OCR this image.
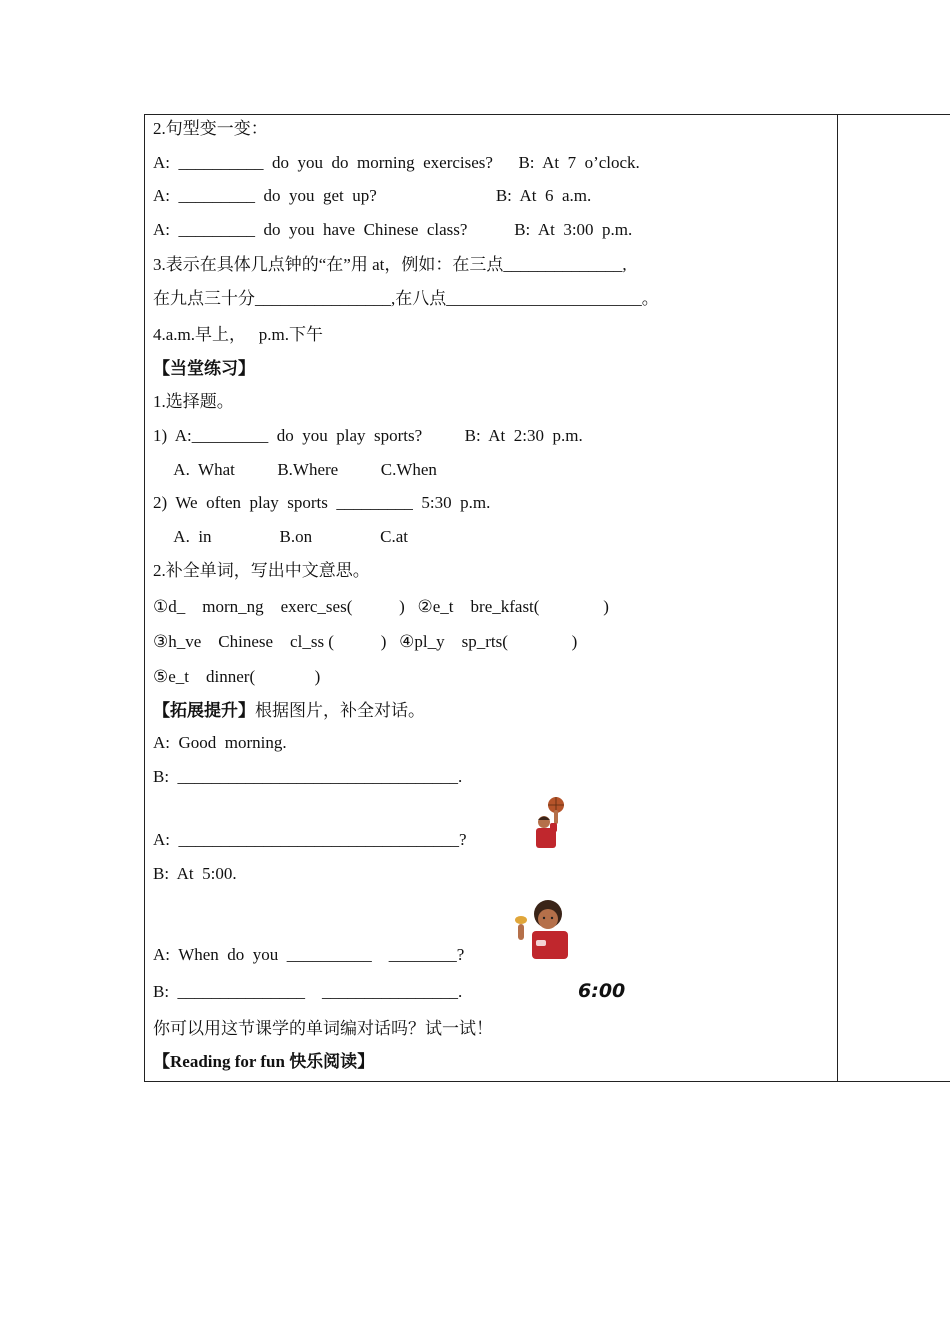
2.句型变一变：
A:  __________  do  you  do  morning  exercises?      B:  At  7  o’clock.
A:  _________  do  you  get  up?                            B:  At  6  a.m.
A:  _________  do  you  have  Chinese  class?           B:  At  3:00  p.m.
3.表示在具体几点钟的“在”用 at，例如：在三点______________,
在九点三十分________________,在八点_______________________。
4.a.m.早上，   p.m.下午
【当堂练习】
1.选择题。
1)  A:_________  do  you  play  sports?          B:  At  2:30  p.m.
A.  What          B.Where          C.When
2)  We  often  play  sports  _________  5:30  p.m.
A.  in                B.on                C.at
2.补全单词，写出中文意思。
①d_    morn_ng    exerc_ses(           )   ②e_t    bre_kfast(               )
③h_ve    Chinese    cl_ss (           )   ④pl_y    sp_rts(               )
⑤e_t    dinner(              )
【拓展提升】根据图片，补全对话。
A:  Good  morning.
B:  _________________________________.
A:  _________________________________?
B:  At  5:00.
A:  When  do  you  __________    ________?
B:  _______________    ________________.	6:00
你可以用这节课学的单词编对话吗？试一试！
【Reading for fun 快乐阅读】
